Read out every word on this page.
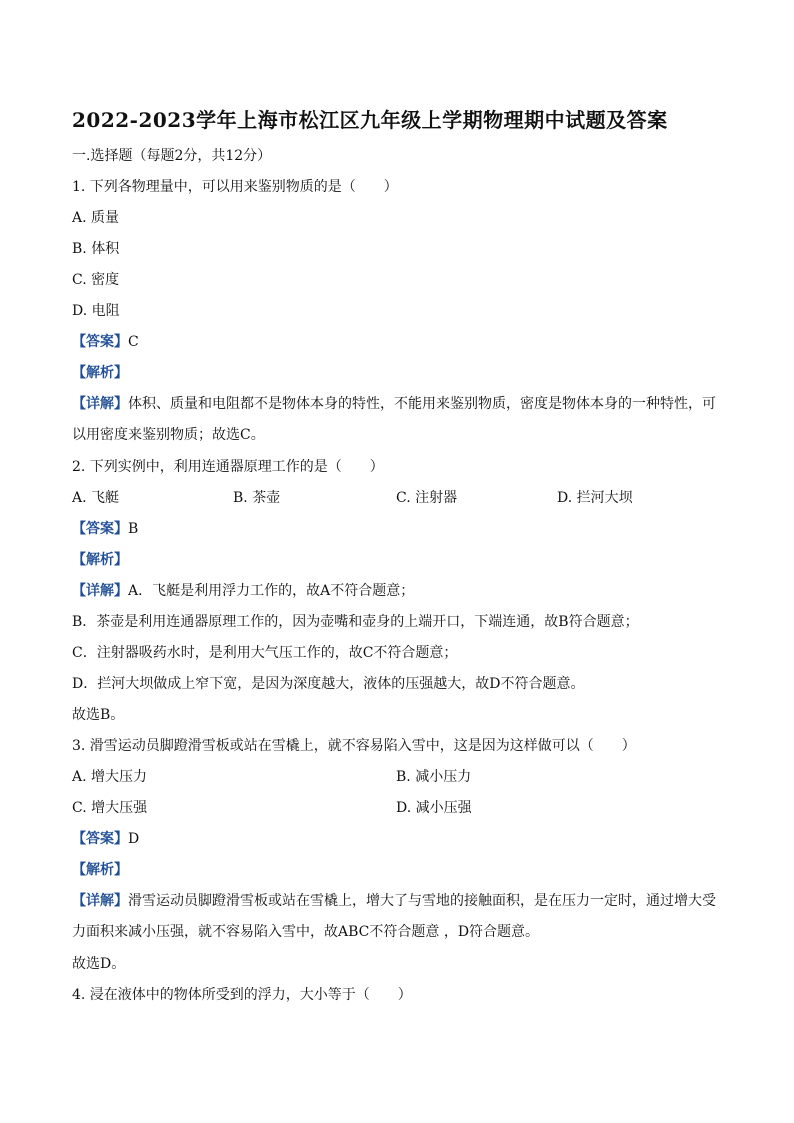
2022-2023学年上海市松江区九年级上学期物理期中试题及答案
一.选择题（每题2分，共12分）
1. 下列各物理量中，可以用来鉴别物质的是（　　）
A. 质量
B. 体积
C. 密度
D. 电阻
【答案】C
【解析】
【详解】体积、质量和电阻都不是物体本身的特性，不能用来鉴别物质，密度是物体本身的一种特性，可以用密度来鉴别物质；故选C。
2. 下列实例中，利用连通器原理工作的是（　　）
A. 飞艇	B. 茶壶	C. 注射器	D. 拦河大坝
【答案】B
【解析】
【详解】A．飞艇是利用浮力工作的，故A不符合题意；
B．茶壶是利用连通器原理工作的，因为壶嘴和壶身的上端开口，下端连通，故B符合题意；
C．注射器吸药水时，是利用大气压工作的，故C不符合题意；
D．拦河大坝做成上窄下宽，是因为深度越大，液体的压强越大，故D不符合题意。
故选B。
3. 滑雪运动员脚蹬滑雪板或站在雪橇上，就不容易陷入雪中，这是因为这样做可以（　　）
A. 增大压力	B. 减小压力
C. 增大压强	D. 减小压强
【答案】D
【解析】
【详解】滑雪运动员脚蹬滑雪板或站在雪橇上，增大了与雪地的接触面积，是在压力一定时，通过增大受力面积来减小压强，就不容易陷入雪中，故ABC不符合题意 ，D符合题意。
故选D。
4. 浸在液体中的物体所受到的浮力，大小等于（　　）
